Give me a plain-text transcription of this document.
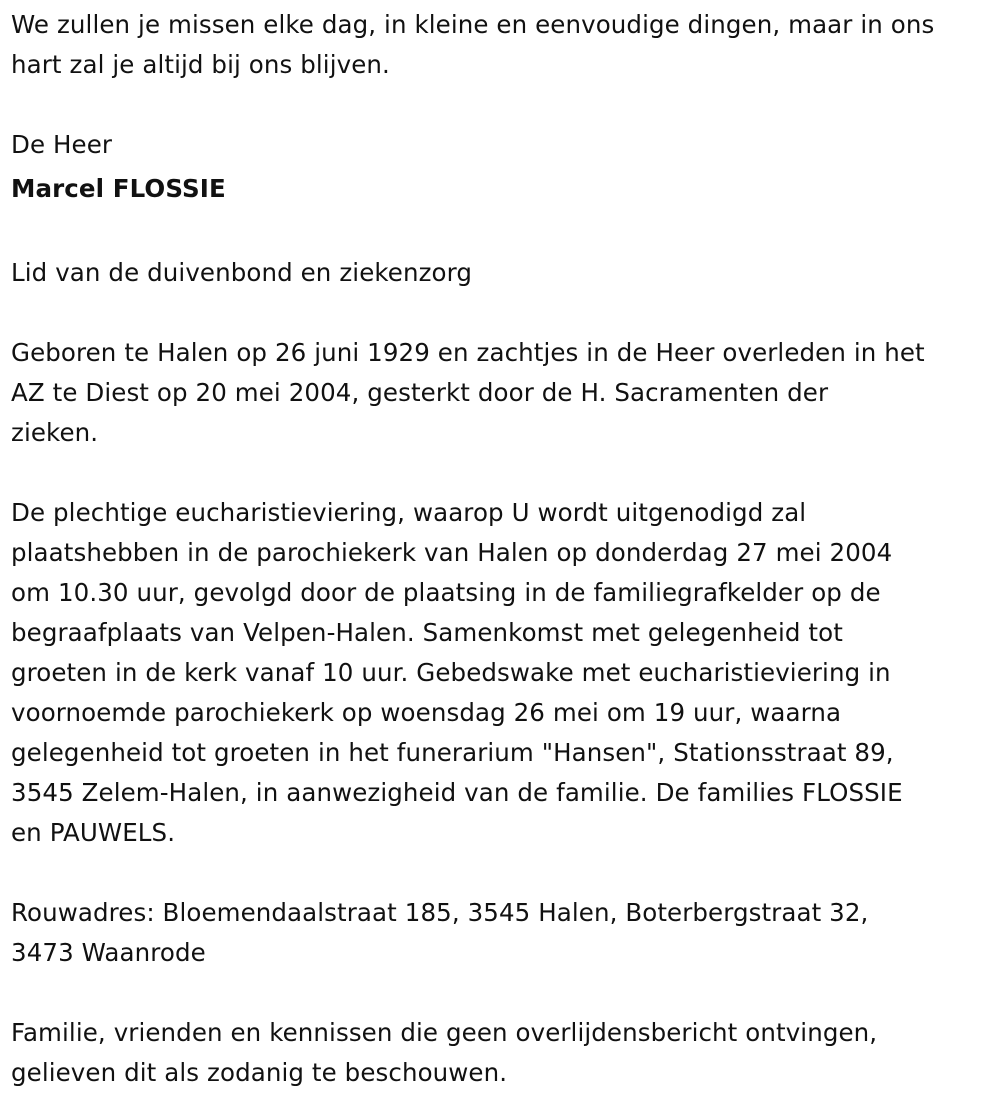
We zullen je missen elke dag, in kleine en eenvoudige dingen, maar in ons
hart zal je altijd bij ons blijven.

De Heer

Marcel FLOSSIE

Lid van de duivenbond en ziekenzorg

Geboren te Halen op 26 juni 1929 en zachtjes in de Heer overleden in het
AZ te Diest op 20 mei 2004, gesterkt door de H. Sacramenten der
zieken.

De plechtige eucharistieviering, waarop U wordt uitgenodigd zal
plaatshebben in de parochiekerk van Halen op donderdag 27 mei 2004
om 10.30 uur, gevolgd door de plaatsing in de familiegrafkelder op de
begraafplaats van Velpen-Halen. Samenkomst met gelegenheid tot
groeten in de kerk vanaf 10 uur. Gebedswake met eucharistieviering in
voornoemde parochiekerk op woensdag 26 mei om 19 uur, waarna
gelegenheid tot groeten in het funerarium "Hansen", Stationsstraat 89,
3545 Zelem-Halen, in aanwezigheid van de familie. De families FLOSSIE
en PAUWELS.

Rouwadres: Bloemendaalstraat 185, 3545 Halen, Boterbergstraat 32,
3473 Waanrode

Familie, vrienden en kennissen die geen overlijdensbericht ontvingen,
gelieven dit als zodanig te beschouwen.
